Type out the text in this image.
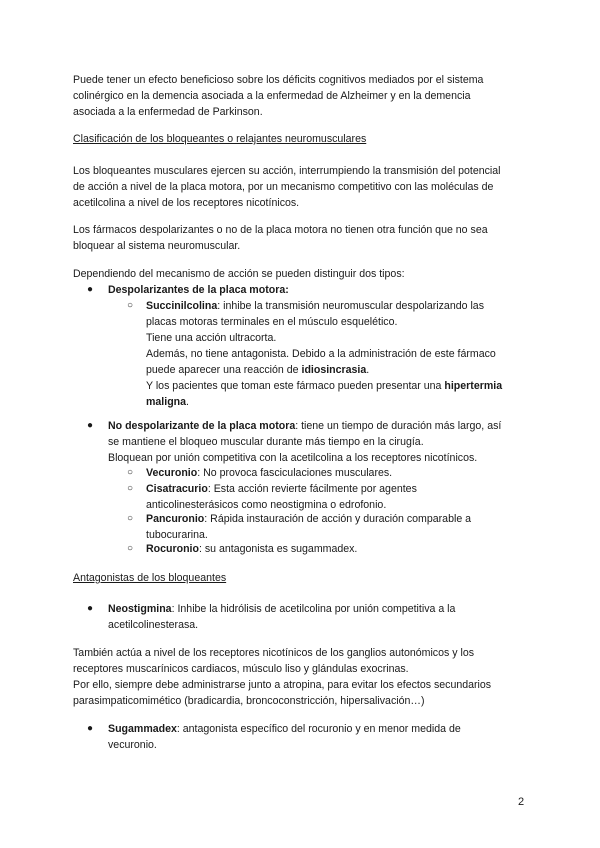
Puede tener un efecto beneficioso sobre los déficits cognitivos mediados por el sistema
colinérgico en la demencia asociada a la enfermedad de Alzheimer y en la demencia
asociada a la enfermedad de Parkinson.
Clasificación de los bloqueantes o relajantes neuromusculares
Los bloqueantes musculares ejercen su acción, interrumpiendo la transmisión del potencial
de acción a nivel de la placa motora, por un mecanismo competitivo con las moléculas de
acetilcolina a nivel de los receptores nicotínicos.
Los fármacos despolarizantes o no de la placa motora no tienen otra función que no sea
bloquear al sistema neuromuscular.
Dependiendo del mecanismo de acción se pueden distinguir dos tipos:
● Despolarizantes de la placa motora:
○ Succinilcolina: inhibe la transmisión neuromuscular despolarizando las
placas motoras terminales en el músculo esquelético.
Tiene una acción ultracorta.
Además, no tiene antagonista. Debido a la administración de este fármaco
puede aparecer una reacción de idiosincrasia.
Y los pacientes que toman este fármaco pueden presentar una hipertermia
maligna.
● No despolarizante de la placa motora: tiene un tiempo de duración más largo, así
se mantiene el bloqueo muscular durante más tiempo en la cirugía.
Bloquean por unión competitiva con la acetilcolina a los receptores nicotínicos.
○ Vecuronio: No provoca fasciculaciones musculares.
○ Cisatracurio: Esta acción revierte fácilmente por agentes
anticolinesterásicos como neostigmina o edrofonio.
○ Pancuronio: Rápida instauración de acción y duración comparable a
tubocurarina.
○ Rocuronio: su antagonista es sugammadex.
Antagonistas de los bloqueantes
● Neostigmina: Inhibe la hidrólisis de acetilcolina por unión competitiva a la
acetilcolinesterasa.
También actúa a nivel de los receptores nicotínicos de los ganglios autonómicos y los
receptores muscarínicos cardiacos, músculo liso y glándulas exocrinas.
Por ello, siempre debe administrarse junto a atropina, para evitar los efectos secundarios
parasimpaticomimético (bradicardia, broncoconstricción, hipersalivación…)
● Sugammadex: antagonista específico del rocuronio y en menor medida de
vecuronio.
2
